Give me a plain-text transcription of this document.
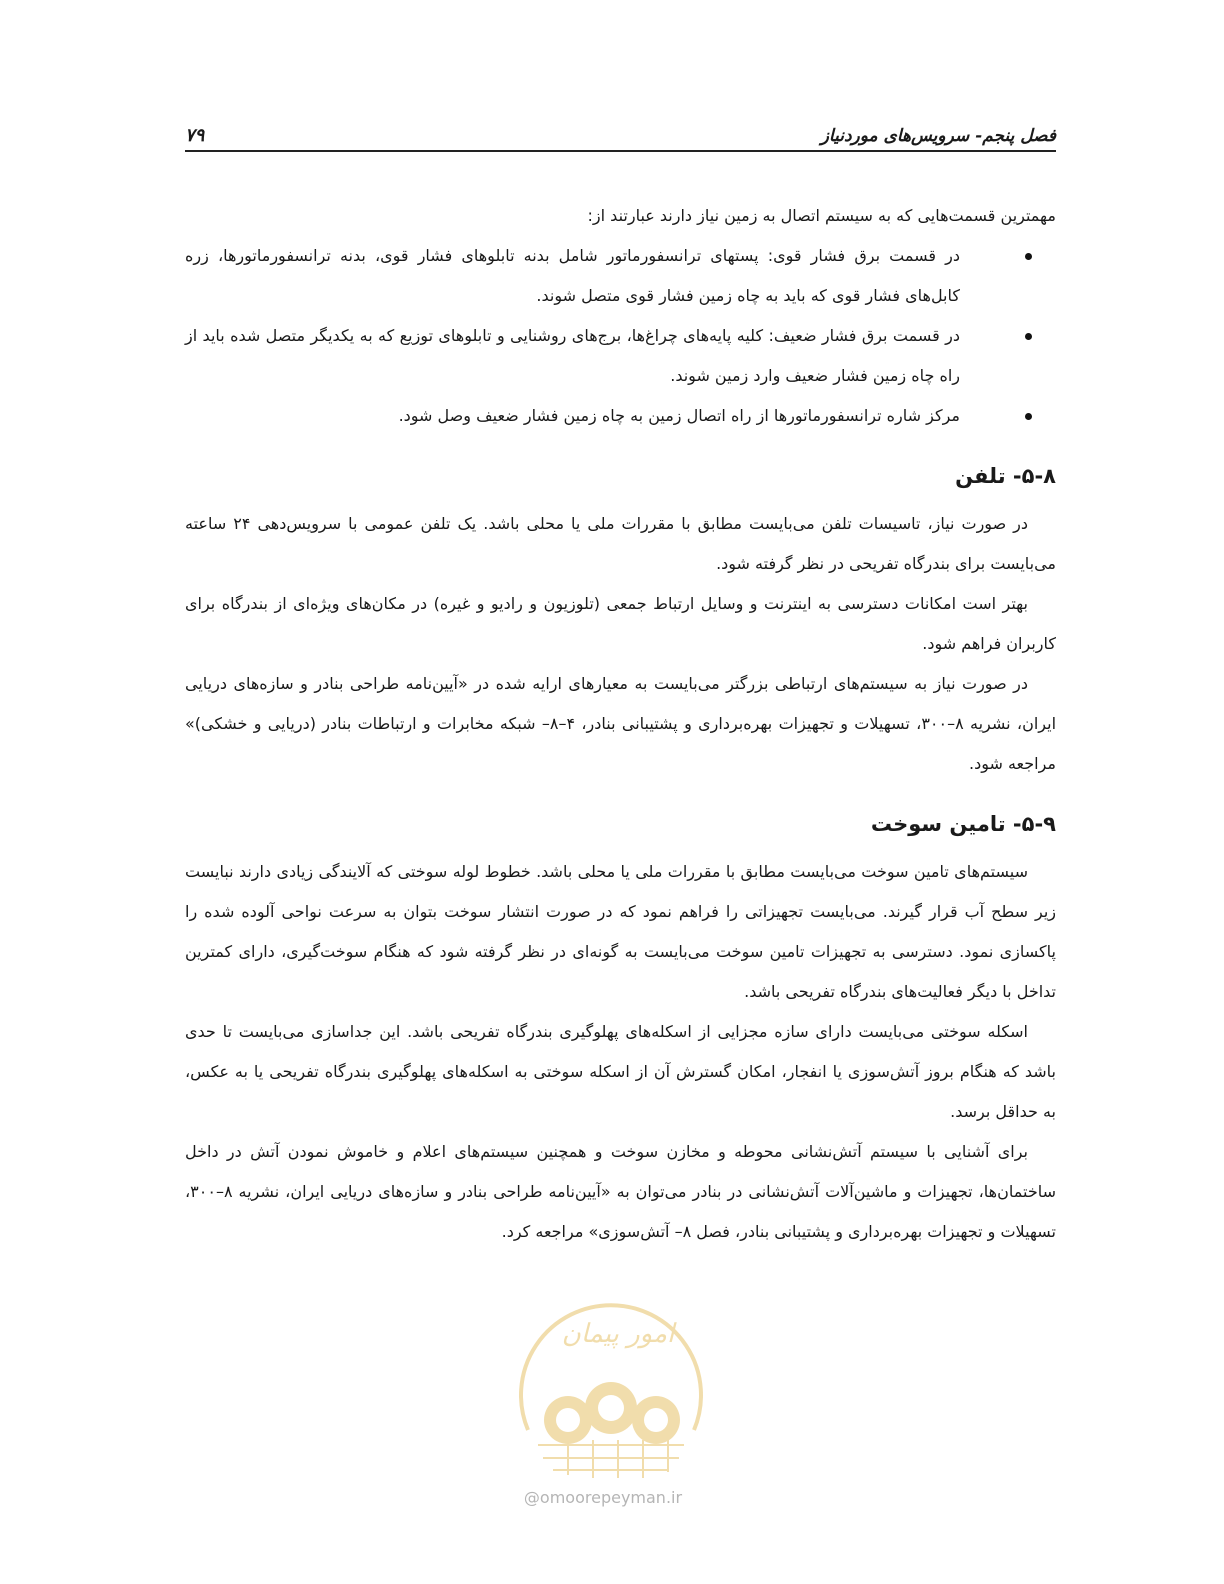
فصل پنجم- سرویس‌های موردنیاز
۷۹

مهمترین قسمت‌هایی که به سیستم اتصال به زمین نیاز دارند عبارتند از:

در قسمت برق فشار قوی: پستهای ترانسفورماتور شامل بدنه تابلوهای فشار قوی، بدنه ترانسفورماتورها، زره کابل‌های فشار قوی که باید به چاه زمین فشار قوی متصل شوند.
در قسمت برق فشار ضعیف: کلیه پایه‌های چراغ‌ها، برج‌های روشنایی و تابلوهای توزیع که به یکدیگر متصل شده باید از راه چاه زمین فشار ضعیف وارد زمین شوند.
مرکز شاره ترانسفورماتورها از راه اتصال زمین به چاه زمین فشار ضعیف وصل شود.
۵-۸- تلفن

در صورت نیاز، تاسیسات تلفن می‌بایست مطابق با مقررات ملی یا محلی باشد. یک تلفن عمومی با سرویس‌دهی ۲۴ ساعته می‌بایست برای بندرگاه تفریحی در نظر گرفته شود.

بهتر است امکانات دسترسی به اینترنت و وسایل ارتباط جمعی (تلوزیون و رادیو و غیره) در مکان‌های ویژه‌ای از بندرگاه برای کاربران فراهم شود.

در صورت نیاز به سیستم‌های ارتباطی بزرگتر می‌بایست به معیارهای ارایه شده در «آیین‌نامه طراحی بنادر و سازه‌های دریایی ایران، نشریه ۸–۳۰۰، تسهیلات و تجهیزات بهره‌برداری و پشتیبانی بنادر، ۴–۸– شبکه مخابرات و ارتباطات بنادر (دریایی و خشکی)» مراجعه شود.

۵-۹- تامین سوخت

سیستم‌های تامین سوخت می‌بایست مطابق با مقررات ملی یا محلی باشد. خطوط لوله سوختی که آلایندگی زیادی دارند نبایست زیر سطح آب قرار گیرند. می‌بایست تجهیزاتی را فراهم نمود که در صورت انتشار سوخت بتوان به سرعت نواحی آلوده شده را پاکسازی نمود. دسترسی به تجهیزات تامین سوخت می‌بایست به گونه‌ای در نظر گرفته شود که هنگام سوخت‌گیری، دارای کمترین تداخل با دیگر فعالیت‌های بندرگاه تفریحی باشد.

اسکله سوختی می‌بایست دارای سازه مجزایی از اسکله‌های پهلوگیری بندرگاه تفریحی باشد. این جداسازی می‌بایست تا حدی باشد که هنگام بروز آتش‌سوزی یا انفجار، امکان گسترش آن از اسکله سوختی به اسکله‌های پهلوگیری بندرگاه تفریحی یا به عکس، به حداقل برسد.

برای آشنایی با سیستم آتش‌نشانی محوطه و مخازن سوخت و همچنین سیستم‌های اعلام و خاموش نمودن آتش در داخل ساختمان‌ها، تجهیزات و ماشین‌آلات آتش‌نشانی در بنادر می‌توان به «آیین‌نامه طراحی بنادر و سازه‌های دریایی ایران، نشریه ۸–۳۰۰، تسهیلات و تجهیزات بهره‌برداری و پشتیبانی بنادر، فصل ۸– آتش‌سوزی» مراجعه کرد.

امور پیمان
@omoorepeyman.ir
